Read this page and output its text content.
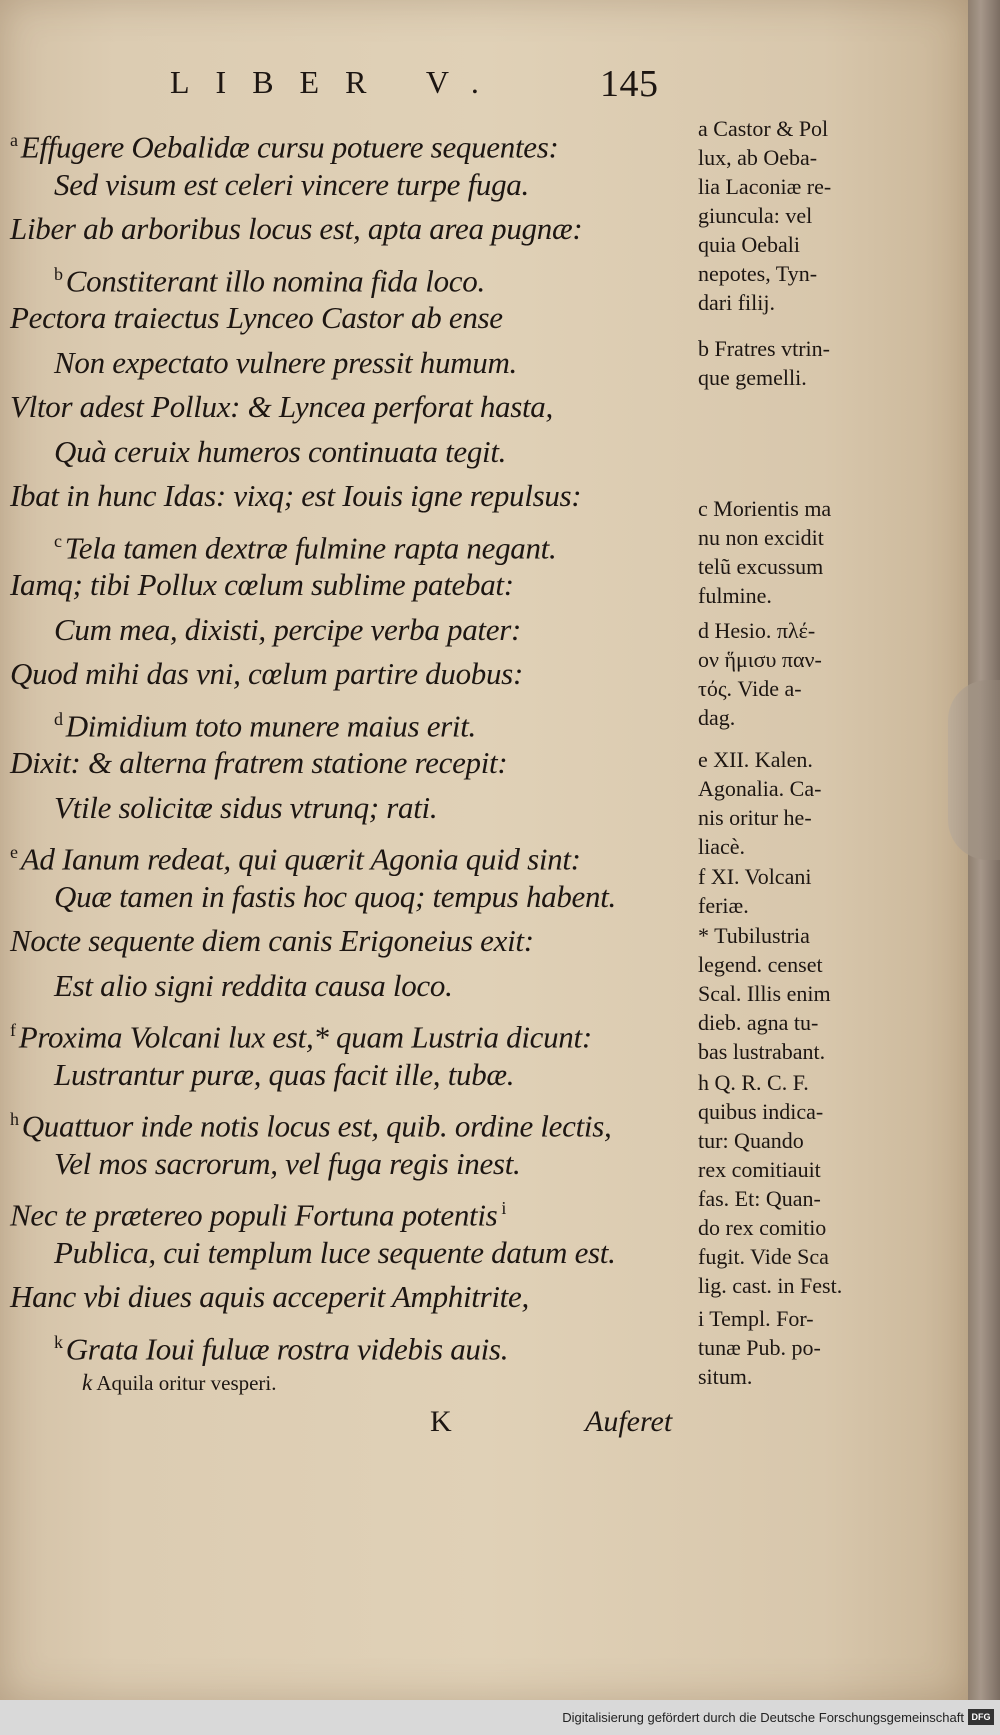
LIBER V.	145
$^a$Effugere Oebalidæ cursu potuere sequentes:
Sed visum est celeri vincere turpe fuga.
Liber ab arboribus locus est, apta area pugnæ:
$^b$Constiterant illo nomina fida loco.
Pectora traiectus Lynceo Castor ab ense
Non expectato vulnere pressit humum.
Vltor adest Pollux: & Lyncea perforat hasta,
Quà ceruix humeros continuata tegit.
Ibat in hunc Idas: vixq; est Iouis igne repulsus:
$^c$Tela tamen dextræ fulmine rapta negant.
Iamq; tibi Pollux cœlum sublime patebat:
Cum mea, dixisti, percipe verba pater:
Quod mihi das vni, cœlum partire duobus:
$^d$Dimidium toto munere maius erit.
Dixit: & alterna fratrem statione recepit:
Vtile solicitæ sidus vtrunq; rati.
$^e$Ad Ianum redeat, qui quærit Agonia quid sint:
Quæ tamen in fastis hoc quoq; tempus habent.
Nocte sequente diem canis Erigoneius exit:
Est alio signi reddita causa loco.
$^f$Proxima Volcani lux est,* quam Lustria dicunt:
Lustrantur puræ, quas facit ille, tubæ.
$^h$Quattuor inde notis locus est, quib. ordine lectis,
Vel mos sacrorum, vel fuga regis inest.
Nec te prætereo populi Fortuna potentis $^i$
Publica, cui templum luce sequente datum est.
Hanc vbi diues aquis acceperit Amphitrite,
$^k$Grata Ioui fuluæ rostra videbis auis.
k Aquila oritur vesperi.
K	Auferet

a Castor & Pol
lux, ab Oeba-
lia Laconiæ re-
giuncula: vel
quia Oebali
nepotes, Tyn-
dari filij.

b Fratres vtrin-
que gemelli.

c Morientis ma
nu non excidit
telũ excussum
fulmine.

d Hesio. πλέ-
ον ἥμισυ παν-
τός. Vide a-
dag.

e XII. Kalen.
Agonalia. Ca-
nis oritur he-
liacè.

f XI. Volcani
feriæ.

* Tubilustria
legend. censet
Scal. Illis enim
dieb. agna tu-
bas lustrabant.

h Q. R. C. F.
quibus indica-
tur: Quando
rex comitiauit
fas. Et: Quan-
do rex comitio
fugit. Vide Sca
lig. cast. in Fest.

i Templ. For-
tunæ Pub. po-
situm.

Digitalisierung gefördert durch die Deutsche Forschungsgemeinschaft DFG
